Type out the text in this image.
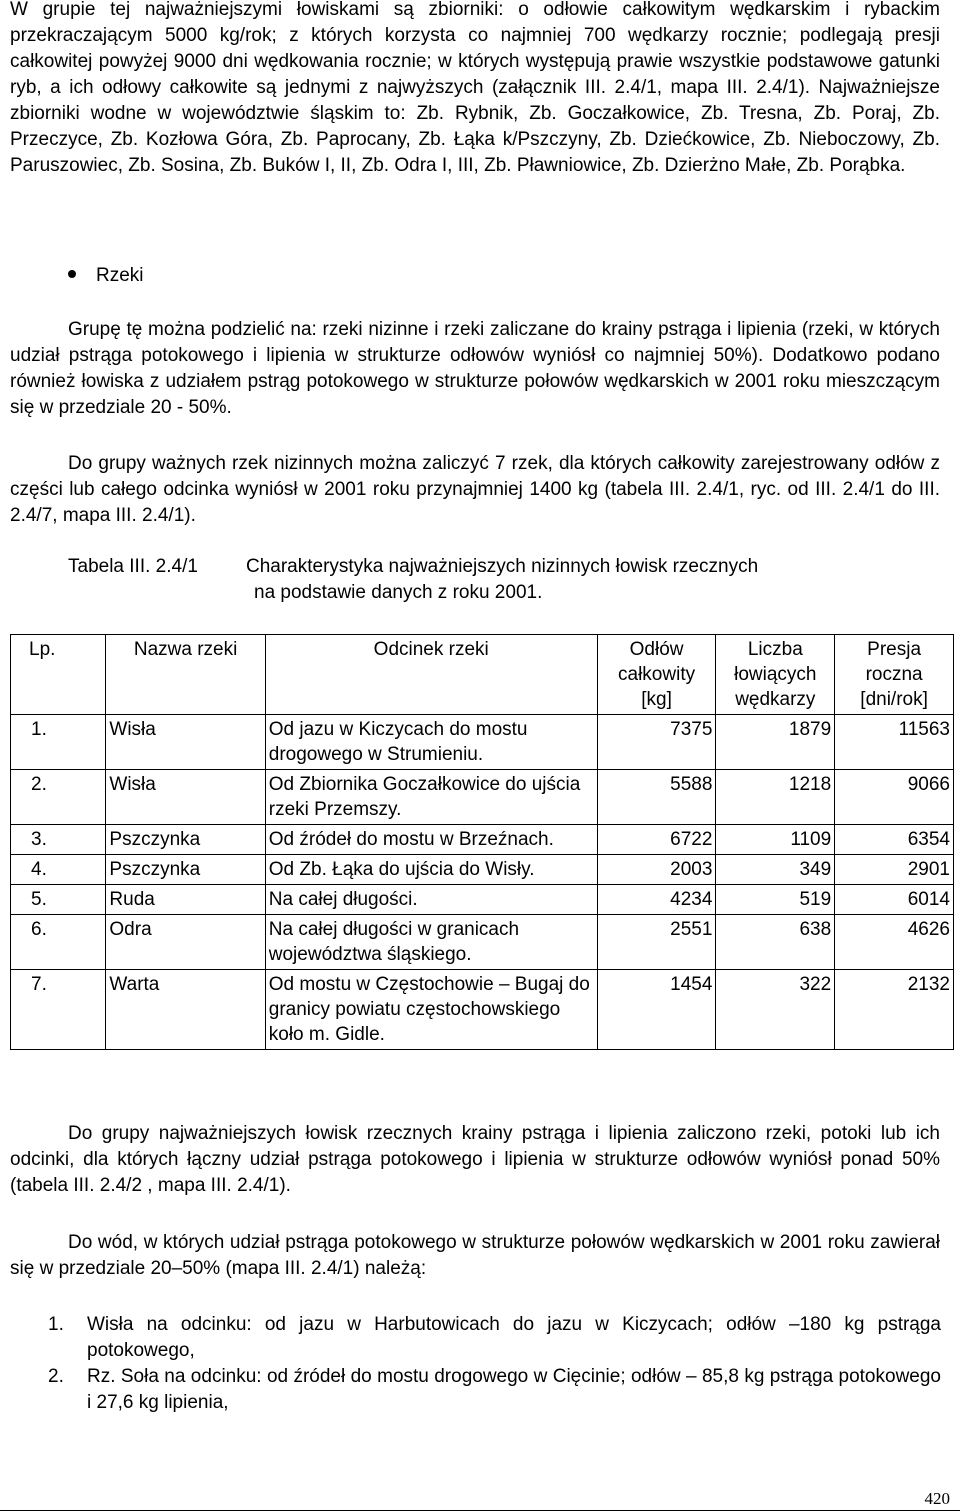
W grupie tej najważniejszymi łowiskami są zbiorniki: o odłowie całkowitym wędkarskim i rybackim przekraczającym 5000 kg/rok; z których korzysta co najmniej 700 wędkarzy rocznie; podlegają presji całkowitej powyżej 9000 dni wędkowania rocznie; w których występują prawie wszystkie podstawowe gatunki ryb, a ich odłowy całkowite są jednymi z najwyższych (załącznik III. 2.4/1, mapa III. 2.4/1). Najważniejsze zbiorniki wodne w województwie śląskim to: Zb. Rybnik, Zb. Goczałkowice, Zb. Tresna, Zb. Poraj, Zb. Przeczyce, Zb. Kozłowa Góra, Zb. Paprocany, Zb. Łąka k/Pszczyny, Zb. Dziećkowice, Zb. Nieboczowy, Zb. Paruszowiec, Zb. Sosina, Zb. Buków I, II, Zb. Odra I, III, Zb. Pławniowice, Zb. Dzierżno Małe, Zb. Porąbka.

Rzeki

Grupę tę można podzielić na: rzeki nizinne i rzeki zaliczane do krainy pstrąga i lipienia (rzeki, w których udział pstrąga potokowego i lipienia w strukturze odłowów wyniósł co najmniej 50%). Dodatkowo podano również łowiska z udziałem pstrąg potokowego w strukturze połowów wędkarskich w 2001 roku mieszczącym się w przedziale 20 - 50%.

Do grupy ważnych rzek nizinnych można zaliczyć 7 rzek, dla których całkowity zarejestrowany odłów z części lub całego odcinka wyniósł w 2001 roku przynajmniej 1400 kg (tabela III. 2.4/1, ryc. od III. 2.4/1 do III. 2.4/7, mapa III. 2.4/1).

Tabela III. 2.4/1	Charakterystyka najważniejszych nizinnych łowisk rzecznych
na podstawie danych z roku 2001.
Lp.	Nazwa rzeki	Odcinek rzeki	Odłów całkowity [kg]	Liczba łowiących wędkarzy	Presja roczna [dni/rok]
1.	Wisła	Od jazu w Kiczycach do mostu drogowego w Strumieniu.	7375	1879	11563
2.	Wisła	Od Zbiornika Goczałkowice do ujścia rzeki Przemszy.	5588	1218	9066
3.	Pszczynka	Od źródeł do mostu w Brzeźnach.	6722	1109	6354
4.	Pszczynka	Od Zb. Łąka do ujścia do Wisły.	2003	349	2901
5.	Ruda	Na całej długości.	4234	519	6014
6.	Odra	Na całej długości w granicach województwa śląskiego.	2551	638	4626
7.	Warta	Od mostu w Częstochowie – Bugaj do granicy powiatu częstochowskiego koło m. Gidle.	1454	322	2132

Do grupy najważniejszych łowisk rzecznych krainy pstrąga i lipienia zaliczono rzeki, potoki lub ich odcinki, dla których łączny udział pstrąga potokowego i lipienia w strukturze odłowów wyniósł ponad 50% (tabela III. 2.4/2 , mapa III. 2.4/1).

Do wód, w których udział pstrąga potokowego w strukturze połowów wędkarskich w 2001 roku zawierał się w przedziale 20–50% (mapa III. 2.4/1) należą:

1.	Wisła na odcinku: od jazu w Harbutowicach do jazu w Kiczycach; odłów –180 kg pstrąga potokowego,
2.	Rz. Soła na odcinku: od źródeł do mostu drogowego w Cięcinie; odłów – 85,8 kg pstrąga potokowego i 27,6 kg lipienia,
420
